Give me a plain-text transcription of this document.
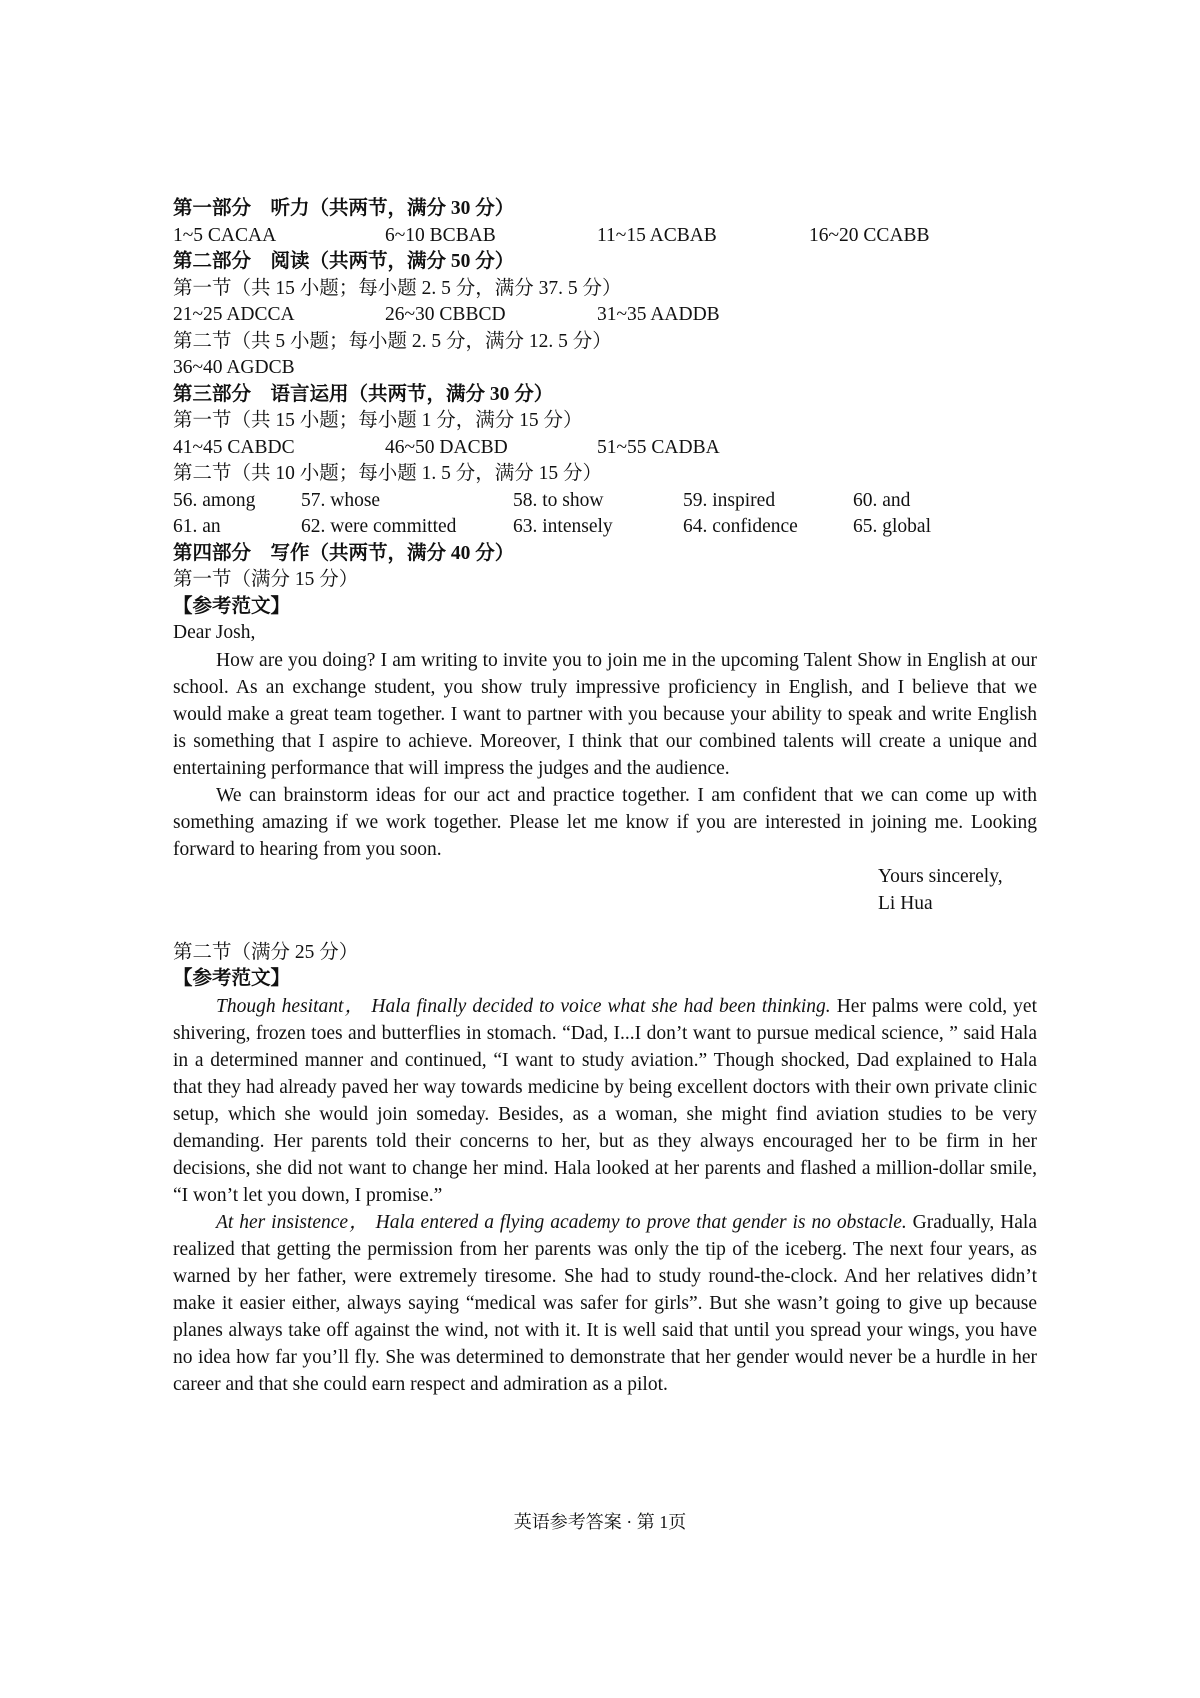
第一部分　听力（共两节，满分 30 分）
1~5 CACAA	6~10 BCBAB	11~15 ACBAB	16~20 CCABB
第二部分　阅读（共两节，满分 50 分）
第一节（共 15 小题；每小题 2. 5 分，满分 37. 5 分）
21~25 ADCCA	26~30 CBBCD	31~35 AADDB
第二节（共 5 小题；每小题 2. 5 分，满分 12. 5 分）
36~40 AGDCB
第三部分　语言运用（共两节，满分 30 分）
第一节（共 15 小题；每小题 1 分，满分 15 分）
41~45 CABDC	46~50 DACBD	51~55 CADBA
第二节（共 10 小题；每小题 1. 5 分，满分 15 分）
56. among	57. whose	58. to show	59. inspired	60. and
61. an	62. were committed	63. intensely	64. confidence	65. global
第四部分　写作（共两节，满分 40 分）
第一节（满分 15 分）
【参考范文】
Dear Josh,

How are you doing? I am writing to invite you to join me in the upcoming Talent Show in English at our school. As an exchange student, you show truly impressive proficiency in English, and I believe that we would make a great team together. I want to partner with you because your ability to speak and write English is something that I aspire to achieve. Moreover, I think that our combined talents will create a unique and entertaining performance that will impress the judges and the audience.

We can brainstorm ideas for our act and practice together. I am confident that we can come up with something amazing if we work together. Please let me know if you are interested in joining me. Looking forward to hearing from you soon.

Yours sincerely,
Li Hua
第二节（满分 25 分）
【参考范文】

Though hesitant， Hala finally decided to voice what she had been thinking. Her palms were cold, yet shivering, frozen toes and butterflies in stomach. “Dad, I...I don’t want to pursue medical science, ” said Hala in a determined manner and continued, “I want to study aviation.” Though shocked, Dad explained to Hala that they had already paved her way towards medicine by being excellent doctors with their own private clinic setup, which she would join someday. Besides, as a woman, she might find aviation studies to be very demanding. Her parents told their concerns to her, but as they always encouraged her to be firm in her decisions, she did not want to change her mind. Hala looked at her parents and flashed a million-dollar smile, “I won’t let you down, I promise.”

At her insistence， Hala entered a flying academy to prove that gender is no obstacle. Gradually, Hala realized that getting the permission from her parents was only the tip of the iceberg. The next four years, as warned by her father, were extremely tiresome. She had to study round-the-clock. And her relatives didn’t make it easier either, always saying “medical was safer for girls”. But she wasn’t going to give up because planes always take off against the wind, not with it. It is well said that until you spread your wings, you have no idea how far you’ll fly. She was determined to demonstrate that her gender would never be a hurdle in her career and that she could earn respect and admiration as a pilot.

英语参考答案 · 第 1页
